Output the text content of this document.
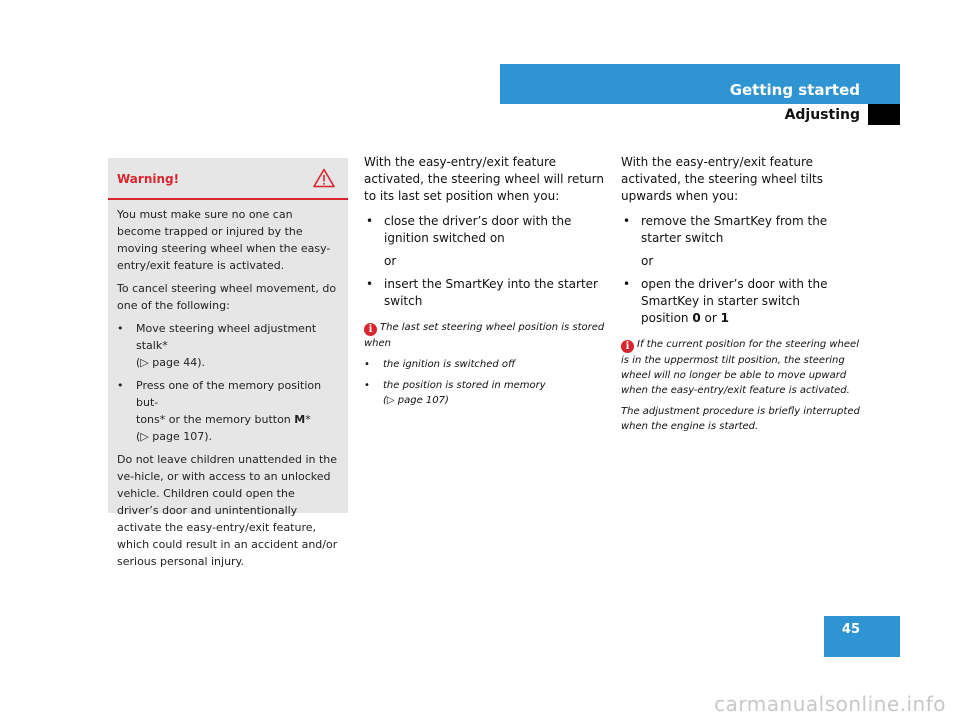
Getting started
Adjusting
Warning!

You must make sure no one can become trapped or injured by the moving steering wheel when the easy-entry/exit feature is activated.

To cancel steering wheel movement, do one of the following:

• Move steering wheel adjustment stalk*
(▷ page 44).
• Press one of the memory position but-
tons* or the memory button M*
(▷ page 107).

Do not leave children unattended in the ve-hicle, or with access to an unlocked vehicle. Children could open the driver’s door and unintentionally activate the easy-entry/exit feature, which could result in an accident and/or serious personal injury.

With the easy-entry/exit feature activated, the steering wheel will return to its last set position when you:

• close the driver’s door with the ignition switched on
or
• insert the SmartKey into the starter switch

i The last set steering wheel position is stored when

• the ignition is switched off
• the position is stored in memory
(▷ page 107)

With the easy-entry/exit feature activated, the steering wheel tilts upwards when you:

• remove the SmartKey from the starter switch
or
• open the driver’s door with the SmartKey in starter switch
position 0 or 1

i If the current position for the steering wheel is in the uppermost tilt position, the steering wheel will no longer be able to move upward when the easy-entry/exit feature is activated.

The adjustment procedure is briefly interrupted when the engine is started.

45
carmanualsonline.info
